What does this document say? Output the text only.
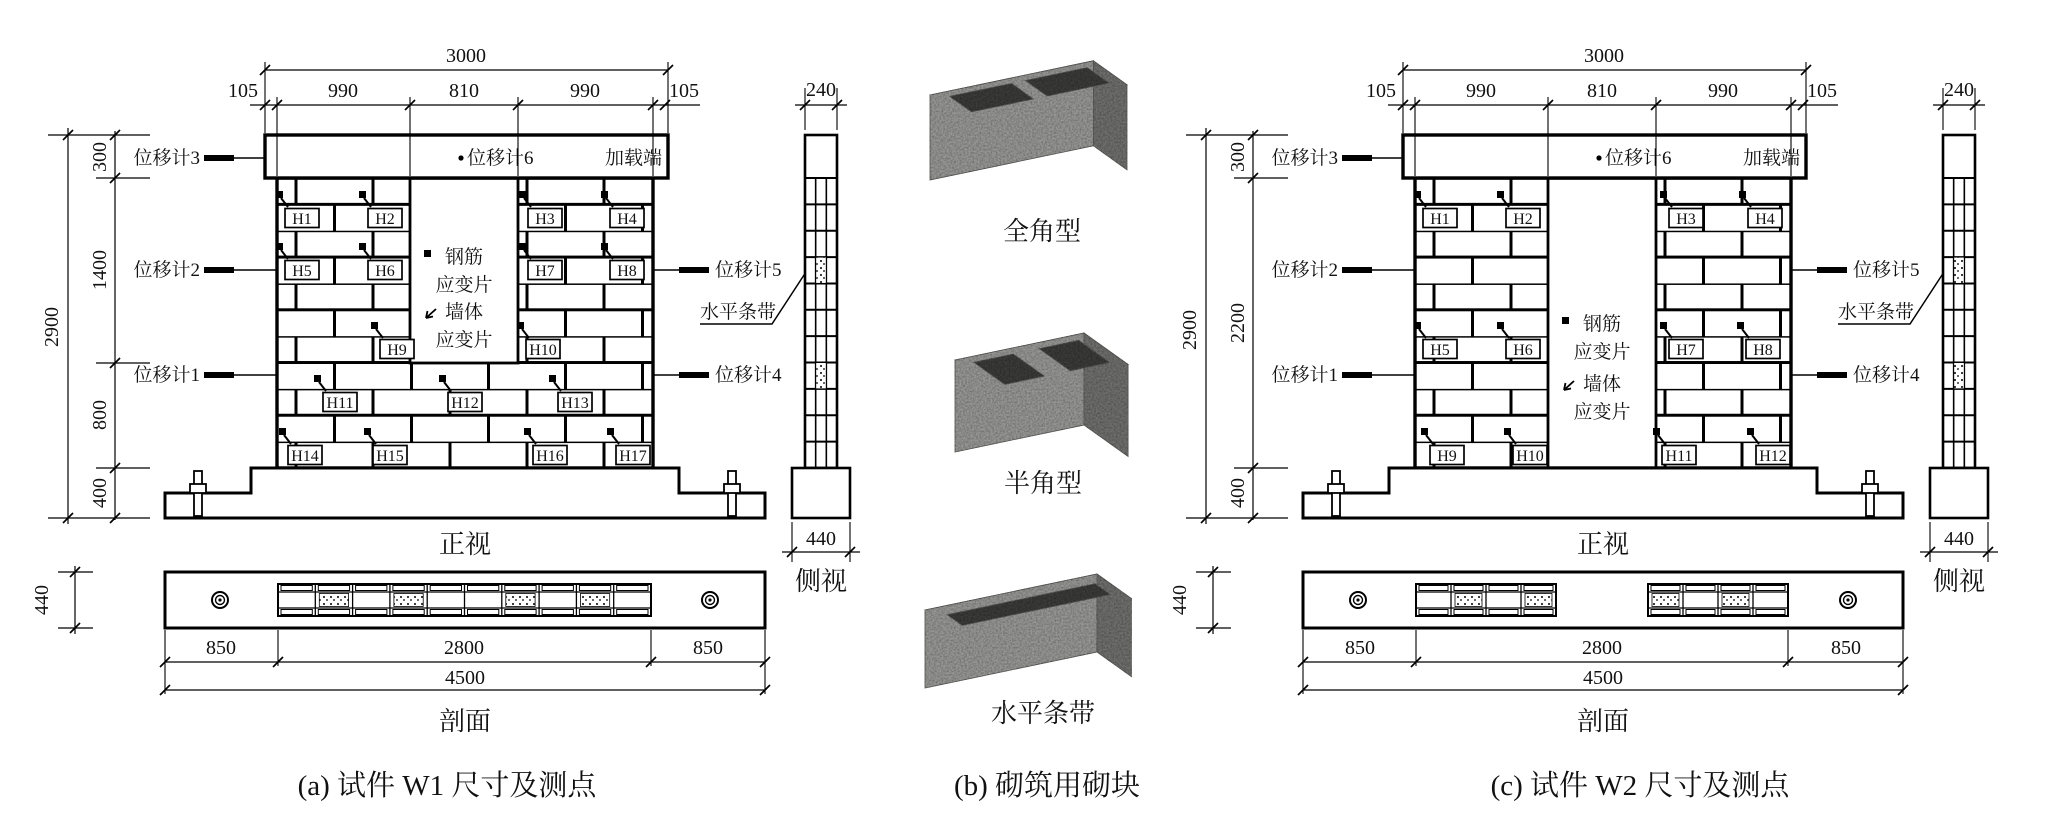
位移计6	加载端
H1	H2	H3	H4
H5	H6	H7	H8
H9	H10
H11	H12	H13
H14	H15	H16	H17
钢筋
应变片
墙体
应变片
位移计3
位移计2
位移计1
位移计5
位移计4
水平条带
3000
105	990	810	990	105
300
1400
800
400
2900
正视
240
440
侧视
440
850	2800	850
4500
剖面
(a) 试件 W1 尺寸及测点
全角型
半角型
水平条带
(b) 砌筑用砌块
位移计6	加载端
H1	H2	H3	H4
H5	H6	H7	H8
H9	H10	H11	H12
钢筋
应变片
墙体
应变片
位移计3
位移计2
位移计1
位移计5
位移计4
水平条带
3000
105	990	810	990	105
300
2200
400
2900
正视
240
440
侧视
440
850	2800	850
4500
剖面
(c) 试件 W2 尺寸及测点
